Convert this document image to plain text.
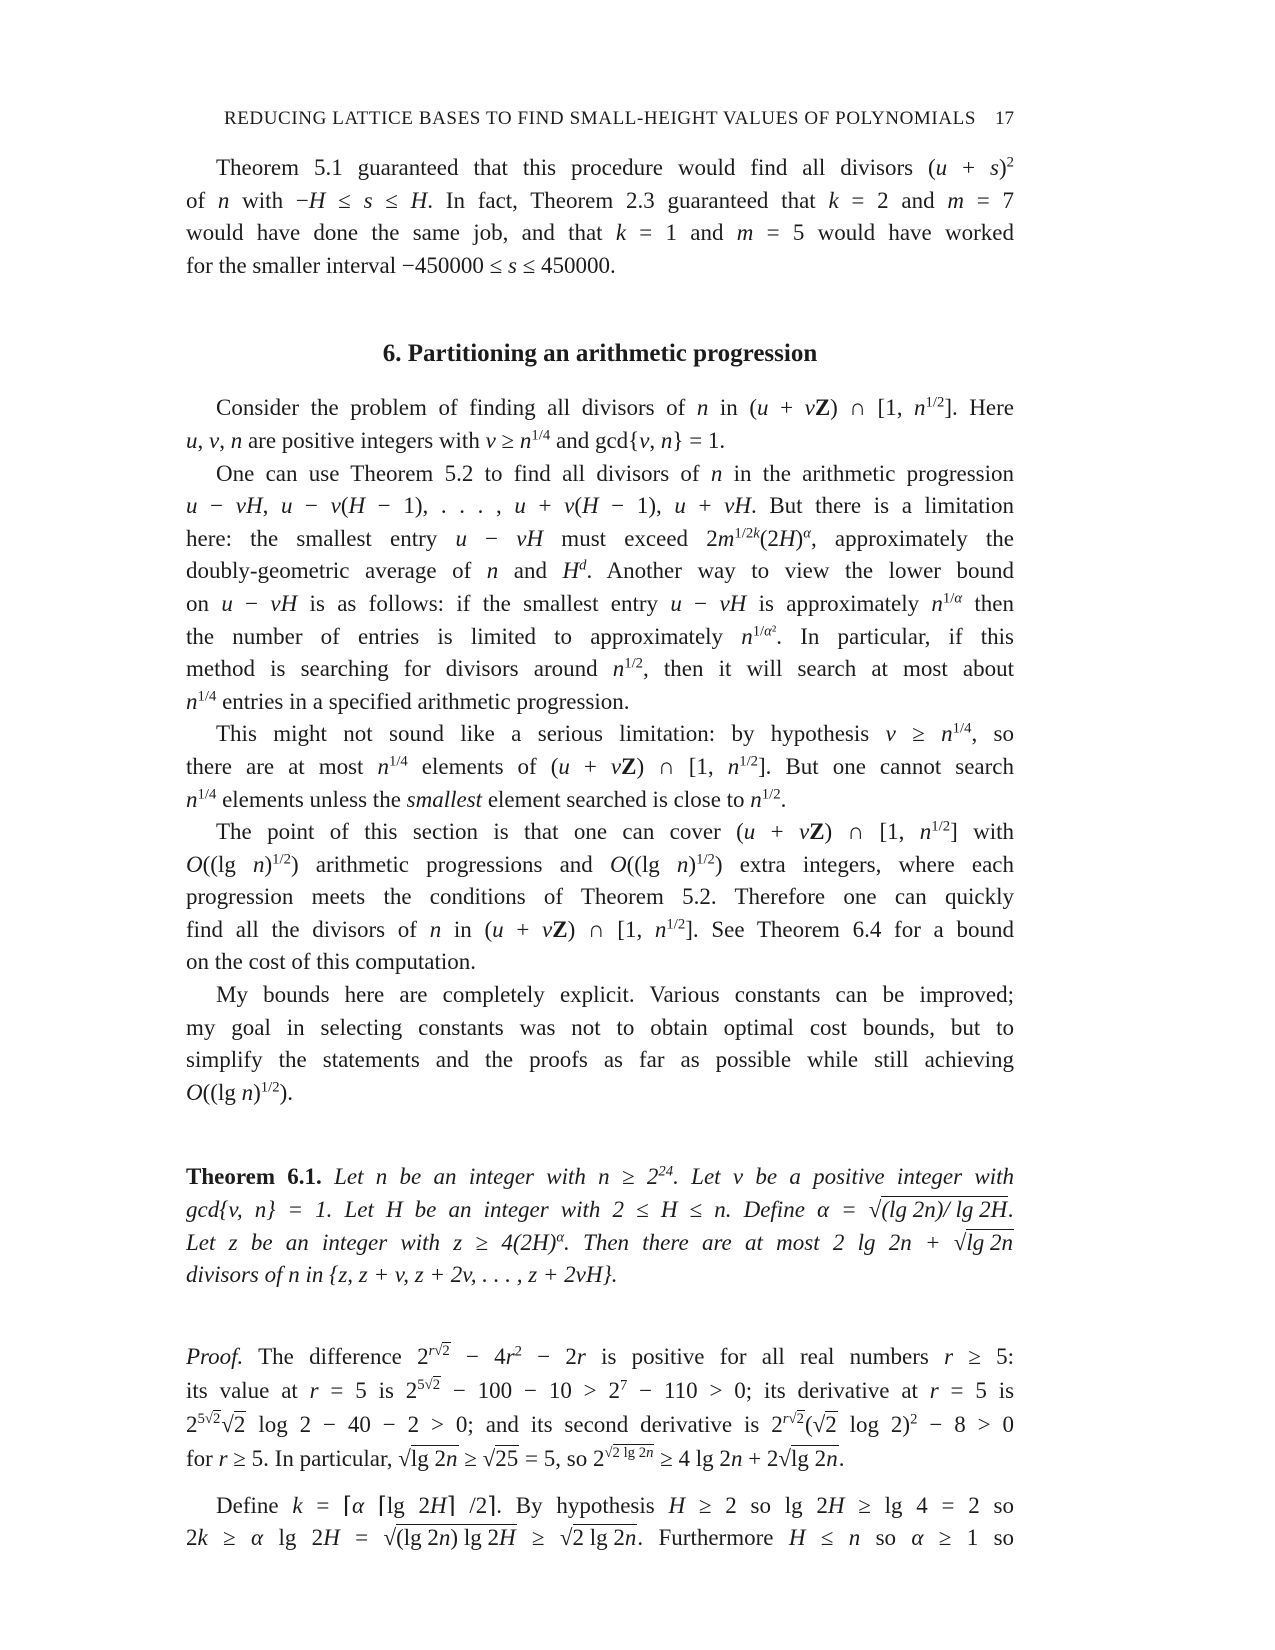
REDUCING LATTICE BASES TO FIND SMALL-HEIGHT VALUES OF POLYNOMIALS 17
Theorem 5.1 guaranteed that this procedure would find all divisors $(u + s)^2$
of n with −H ≤ s ≤ H. In fact, Theorem 2.3 guaranteed that k = 2 and m = 7
would have done the same job, and that k = 1 and m = 5 would have worked
for the smaller interval −450000 ≤ s ≤ 450000.
6. Partitioning an arithmetic progression
Consider the problem of finding all divisors of n in (u + vZ) ∩ [1, $n^{1/2}$]. Here
u, v, n are positive integers with $v \ge n^{1/4}$ and gcd{v, n} = 1.
One can use Theorem 5.2 to find all divisors of n in the arithmetic progression
u − vH, u − v(H − 1), . . . , u + v(H − 1), u + vH. But there is a limitation
here: the smallest entry u − vH must exceed $2m^{1/2k}(2H)^\alpha$, approximately the
doubly-geometric average of n and $H^d$. Another way to view the lower bound
on u − vH is as follows: if the smallest entry u − vH is approximately $n^{1/\alpha}$ then
the number of entries is limited to approximately $n^{1/\alpha^2}$. In particular, if this
method is searching for divisors around $n^{1/2}$, then it will search at most about
$n^{1/4}$ entries in a specified arithmetic progression.
This might not sound like a serious limitation: by hypothesis $v \ge n^{1/4}$, so
there are at most $n^{1/4}$ elements of (u + vZ) ∩ [1, $n^{1/2}$]. But one cannot search
$n^{1/4}$ elements unless the smallest element searched is close to $n^{1/2}$.
The point of this section is that one can cover (u + vZ) ∩ [1, $n^{1/2}$] with
O((lg n)$^{1/2}$) arithmetic progressions and O((lg n)$^{1/2}$) extra integers, where each
progression meets the conditions of Theorem 5.2. Therefore one can quickly
find all the divisors of n in (u + vZ) ∩ [1, $n^{1/2}$]. See Theorem 6.4 for a bound
on the cost of this computation.
My bounds here are completely explicit. Various constants can be improved;
my goal in selecting constants was not to obtain optimal cost bounds, but to
simplify the statements and the proofs as far as possible while still achieving
O((lg n)$^{1/2}$).
Theorem 6.1. Let n be an integer with $n \ge 2^{24}$. Let v be a positive integer with
gcd{v, n} = 1. Let H be an integer with 2 ≤ H ≤ n. Define α = √(lg 2n)/ lg 2H.
Let z be an integer with $z \ge 4(2H)^\alpha$. Then there are at most 2 lg 2n + √lg 2n
divisors of n in {z, z + v, z + 2v, . . . , z + 2vH}.
Proof. The difference $2^{r√2} - 4r^2 - 2r$ is positive for all real numbers r ≥ 5:
its value at r = 5 is $2^{5√2} - 100 - 10 > 2^7 - 110 > 0$; its derivative at r = 5 is
$2^{5√2}√2$ log 2 − 40 − 2 > 0; and its second derivative is $2^{r√2}(√2$ log 2)$^2$ − 8 > 0
for r ≥ 5. In particular, √lg 2n ≥ √25 = 5, so $2^{√2 lg 2n} \ge 4$ lg 2n + 2√lg 2n.
Define k = ⌈α ⌈lg 2H⌉ /2⌉. By hypothesis H ≥ 2 so lg 2H ≥ lg 4 = 2 so
2k ≥ α lg 2H = √(lg 2n) lg 2H ≥ √2 lg 2n. Furthermore H ≤ n so α ≥ 1 so
